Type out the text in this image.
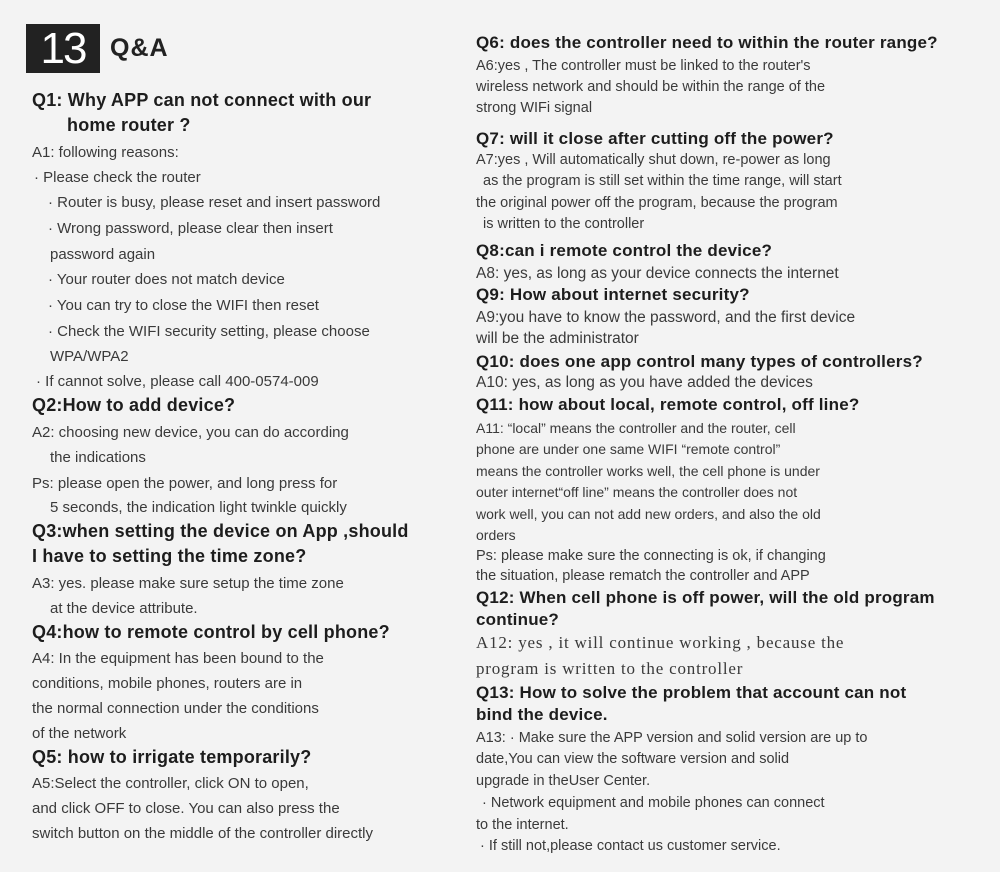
13 Q&A
Q1: Why APP can not connect with our
home router ?
A1: following reasons:
· Please check the router
· Router is busy, please reset and insert password
· Wrong password, please clear then insert
password again
· Your router does not match device
· You can try to close the WIFI then reset
· Check the WIFI security setting, please choose
WPA/WPA2
· If cannot solve, please call 400-0574-009
Q2:How to add device?
A2: choosing new device, you can do according
the indications
Ps: please open the power, and long press for
5 seconds, the indication light twinkle quickly
Q3:when setting the device on App ,should
I have to setting the time zone?
A3: yes. please make sure setup the time zone
at the device attribute.
Q4:how to remote control by cell phone?
A4: In the equipment has been bound to the
conditions, mobile phones, routers are in
the normal connection under the conditions
of the network
Q5: how to irrigate temporarily?
A5:Select the controller, click ON to open,
and click OFF to close. You can also press the
switch button on the middle of the controller directly
Q6: does the controller need to within the router range?
A6:yes , The controller must be linked to the router's
wireless network and should be within the range of the
strong WIFi signal
Q7: will it close after cutting off the power?
A7:yes , Will automatically shut down, re-power as long
as the program is still set within the time range, will start
the original power off the program, because the program
is written to the controller
Q8:can i remote control the device?
A8: yes, as long as your device connects the internet
Q9: How about internet security?
A9:you have to know the password, and the first device
will be the administrator
Q10: does one app control many types of controllers?
A10: yes, as long as you have added the devices
Q11: how about local, remote control, off line?
A11: “local” means the controller and the router, cell
phone are under one same WIFI “remote control”
means the controller works well, the cell phone is under
outer internet“off line” means the controller does not
work well, you can not add new orders, and also the old
orders
Ps: please make sure the connecting is ok, if changing
the situation, please rematch the controller and APP
Q12: When cell phone is off power, will the old program
continue?
A12: yes , it will continue working , because the
program is written to the controller
Q13: How to solve the problem that account can not
bind the device.
A13: · Make sure the APP version and solid version are up to
date,You can view the software version and solid
upgrade in theUser Center.
· Network equipment and mobile phones can connect
to the internet.
· If still not,please contact us customer service.
